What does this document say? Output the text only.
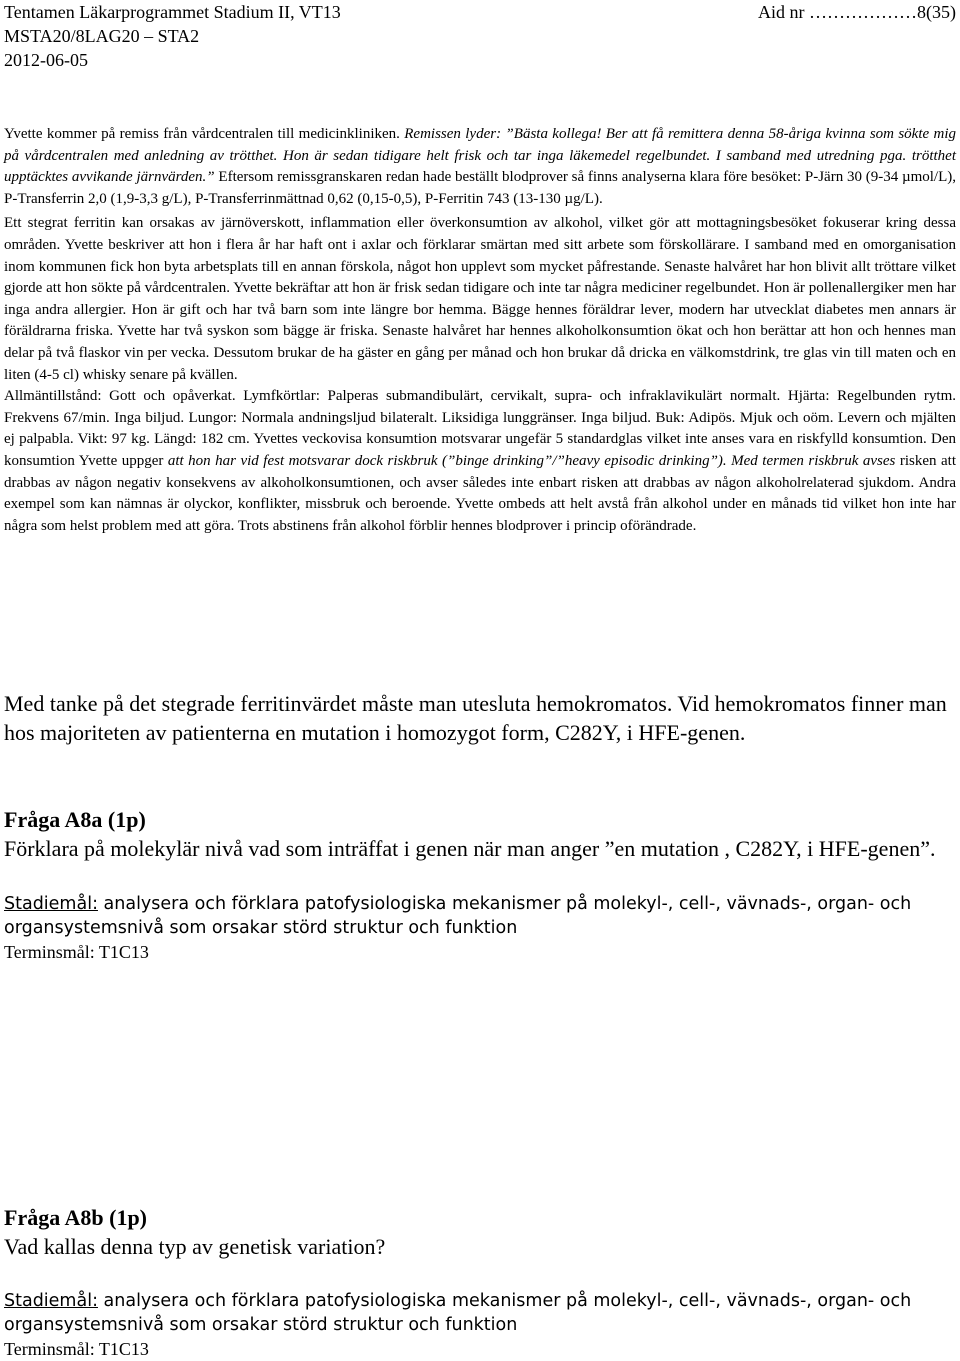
Tentamen Läkarprogrammet Stadium II, VT13
MSTA20/8LAG20 – STA2
2012-06-05
Aid nr ………………8(35)

Yvette kommer på remiss från vårdcentralen till medicinkliniken. Remissen lyder: ”Bästa kollega! Ber att få remittera denna 58-åriga kvinna som sökte mig på vårdcentralen med anledning av trötthet. Hon är sedan tidigare helt frisk och tar inga läkemedel regelbundet. I samband med utredning pga. trötthet upptäcktes avvikande järnvärden.” Eftersom remissgranskaren redan hade beställt blodprover så finns analyserna klara före besöket: P-Järn 30 (9-34 µmol/L), P-Transferrin 2,0 (1,9-3,3 g/L), P-Transferrinmättnad 0,62 (0,15-0,5), P-Ferritin 743 (13-130 µg/L).

Ett stegrat ferritin kan orsakas av järnöverskott, inflammation eller överkonsumtion av alkohol, vilket gör att mottagningsbesöket fokuserar kring dessa områden. Yvette beskriver att hon i flera år har haft ont i axlar och förklarar smärtan med sitt arbete som förskollärare. I samband med en omorganisation inom kommunen fick hon byta arbetsplats till en annan förskola, något hon upplevt som mycket påfrestande. Senaste halvåret har hon blivit allt tröttare vilket gjorde att hon sökte på vårdcentralen. Yvette bekräftar att hon är frisk sedan tidigare och inte tar några mediciner regelbundet. Hon är pollenallergiker men har inga andra allergier. Hon är gift och har två barn som inte längre bor hemma. Bägge hennes föräldrar lever, modern har utvecklat diabetes men annars är föräldrarna friska. Yvette har två syskon som bägge är friska. Senaste halvåret har hennes alkoholkonsumtion ökat och hon berättar att hon och hennes man delar på två flaskor vin per vecka. Dessutom brukar de ha gäster en gång per månad och hon brukar då dricka en välkomstdrink, tre glas vin till maten och en liten (4-5 cl) whisky senare på kvällen.

Allmäntillstånd: Gott och opåverkat. Lymfkörtlar: Palperas submandibulärt, cervikalt, supra- och infraklavikulärt normalt. Hjärta: Regelbunden rytm. Frekvens 67/min. Inga biljud. Lungor: Normala andningsljud bilateralt. Liksidiga lunggränser. Inga biljud. Buk: Adipös. Mjuk och oöm. Levern och mjälten ej palpabla. Vikt: 97 kg. Längd: 182 cm. Yvettes veckovisa konsumtion motsvarar ungefär 5 standardglas vilket inte anses vara en riskfylld konsumtion. Den konsumtion Yvette uppger att hon har vid fest motsvarar dock riskbruk (”binge drinking”/”heavy episodic drinking”). Med termen riskbruk avses risken att drabbas av någon negativ konsekvens av alkoholkonsumtionen, och avser således inte enbart risken att drabbas av någon alkoholrelaterad sjukdom. Andra exempel som kan nämnas är olyckor, konflikter, missbruk och beroende. Yvette ombeds att helt avstå från alkohol under en månads tid vilket hon inte har några som helst problem med att göra. Trots abstinens från alkohol förblir hennes blodprover i princip oförändrade.

Med tanke på det stegrade ferritinvärdet måste man utesluta hemokromatos. Vid hemokromatos finner man hos majoriteten av patienterna en mutation i homozygot form, C282Y, i HFE-genen.
Fråga A8a (1p)
Förklara på molekylär nivå vad som inträffat i genen när man anger ”en mutation , C282Y, i HFE-genen”.
Stadiemål: analysera och förklara patofysiologiska mekanismer på molekyl-, cell-, vävnads-, organ- och organsystemsnivå som orsakar störd struktur och funktion
Terminsmål: T1C13
Fråga A8b (1p)
Vad kallas denna typ av genetisk variation?
Stadiemål: analysera och förklara patofysiologiska mekanismer på molekyl-, cell-, vävnads-, organ- och organsystemsnivå som orsakar störd struktur och funktion
Terminsmål: T1C13
